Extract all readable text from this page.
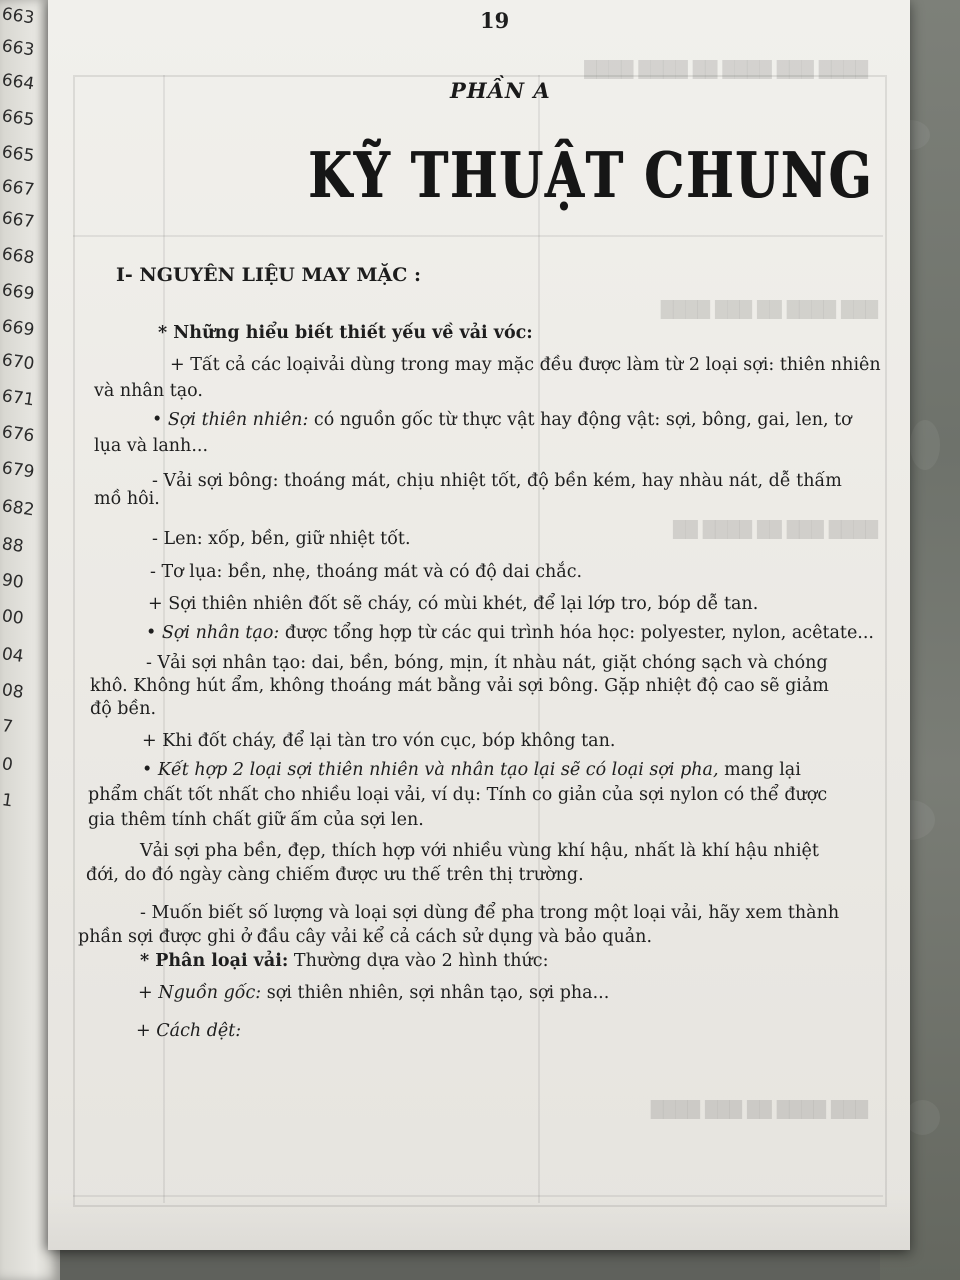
663
663
664
665
665
667
667
668
669
669
670
671
676
679
682
88
90
00
04
08
7
0
1
████ ███ ████ ██ ████ ████
███ ████ ██ ███ ████
████ ███ ██ ████ ██
███ ████ ██ ███ ████
19
PHẦN A
KỸ THUẬT CHUNG
I- NGUYÊN LIỆU MAY MẶC :
* Những hiểu biết thiết yếu về vải vóc:
+ Tất cả các loạivải dùng trong may mặc đều được làm từ 2 loại sợi: thiên nhiên
và nhân tạo.
• Sợi thiên nhiên: có nguồn gốc từ thực vật hay động vật: sợi, bông, gai, len, tơ
lụa và lanh...
- Vải sợi bông: thoáng mát, chịu nhiệt tốt, độ bền kém, hay nhàu nát, dễ thấm
mồ hôi.
- Len: xốp, bền, giữ nhiệt tốt.
- Tơ lụa: bền, nhẹ, thoáng mát và có độ dai chắc.
+ Sợi thiên nhiên đốt sẽ cháy, có mùi khét, để lại lớp tro, bóp dễ tan.
• Sợi nhân tạo: được tổng hợp từ các qui trình hóa học: polyester, nylon, acêtate...
- Vải sợi nhân tạo: dai, bền, bóng, mịn, ít nhàu nát, giặt chóng sạch và chóng
khô. Không hút ẩm, không thoáng mát bằng vải sợi bông. Gặp nhiệt độ cao sẽ giảm
độ bền.
+ Khi đốt cháy, để lại tàn tro vón cục, bóp không tan.
• Kết hợp 2 loại sợi thiên nhiên và nhân tạo lại sẽ có loại sợi pha, mang lại
phẩm chất tốt nhất cho nhiều loại vải, ví dụ: Tính co giản của sợi nylon có thể được
gia thêm tính chất giữ ấm của sợi len.
Vải sợi pha bền, đẹp, thích hợp với nhiều vùng khí hậu, nhất là khí hậu nhiệt
đới, do đó ngày càng chiếm được ưu thế trên thị trường.
- Muốn biết số lượng và loại sợi dùng để pha trong một loại vải, hãy xem thành
phần sợi được ghi ở đầu cây vải kể cả cách sử dụng và bảo quản.
* Phân loại vải: Thường dựa vào 2 hình thức:
+ Nguồn gốc: sợi thiên nhiên, sợi nhân tạo, sợi pha...
+ Cách dệt:
